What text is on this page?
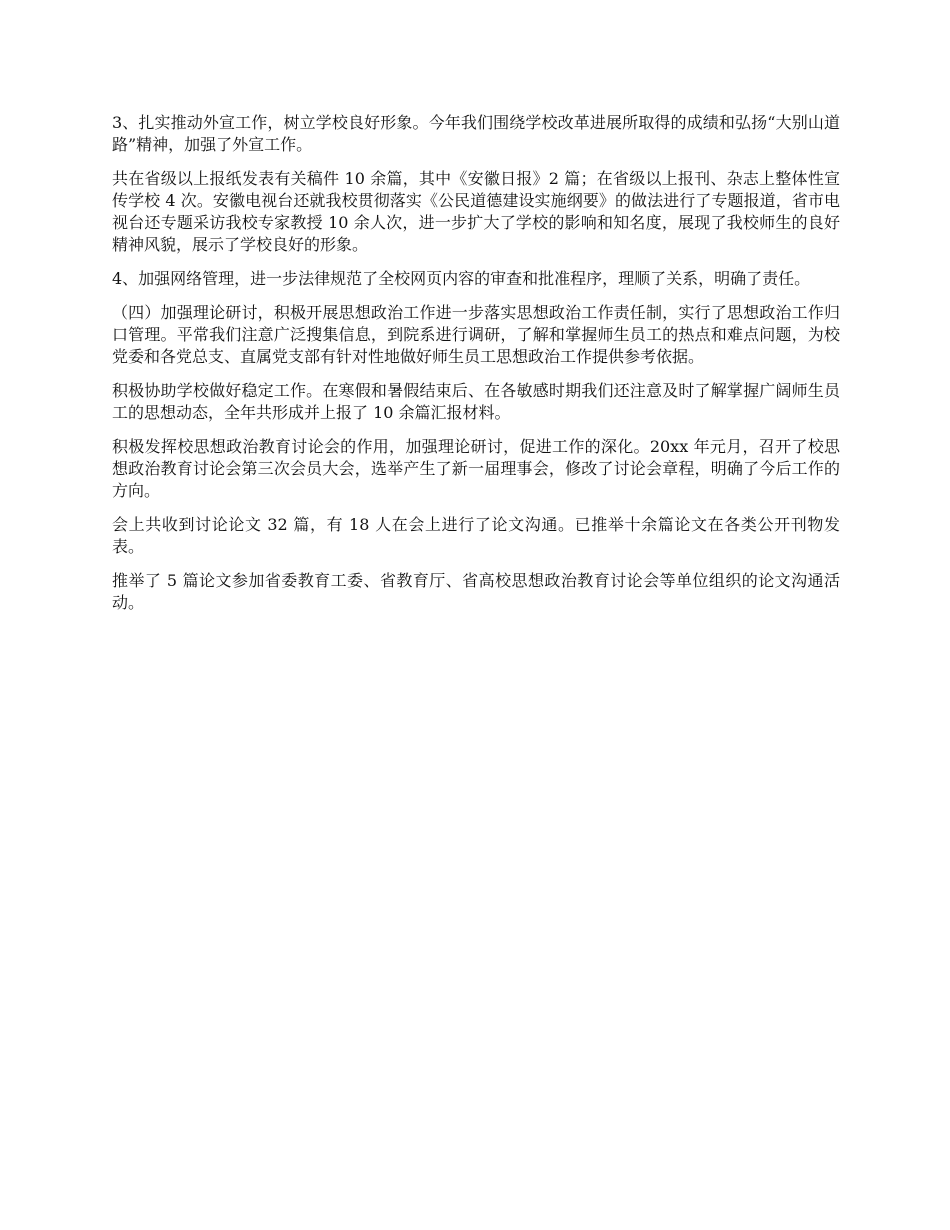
3、扎实推动外宣工作，树立学校良好形象。今年我们围绕学校改革进展所取得的成绩和弘扬“大别山道路”精神，加强了外宣工作。

共在省级以上报纸发表有关稿件 10 余篇，其中《安徽日报》2 篇；在省级以上报刊、杂志上整体性宣传学校 4 次。安徽电视台还就我校贯彻落实《公民道德建设实施纲要》的做法进行了专题报道，省市电视台还专题采访我校专家教授 10 余人次，进一步扩大了学校的影响和知名度，展现了我校师生的良好精神风貌，展示了学校良好的形象。

4、加强网络管理，进一步法律规范了全校网页内容的审查和批准程序，理顺了关系，明确了责任。

（四）加强理论研讨，积极开展思想政治工作进一步落实思想政治工作责任制，实行了思想政治工作归口管理。平常我们注意广泛搜集信息，到院系进行调研，了解和掌握师生员工的热点和难点问题，为校党委和各党总支、直属党支部有针对性地做好师生员工思想政治工作提供参考依据。

积极协助学校做好稳定工作。在寒假和暑假结束后、在各敏感时期我们还注意及时了解掌握广阔师生员工的思想动态，全年共形成并上报了 10 余篇汇报材料。

积极发挥校思想政治教育讨论会的作用，加强理论研讨，促进工作的深化。20xx 年元月，召开了校思想政治教育讨论会第三次会员大会，选举产生了新一届理事会，修改了讨论会章程，明确了今后工作的方向。

会上共收到讨论论文 32 篇，有 18 人在会上进行了论文沟通。已推举十余篇论文在各类公开刊物发表。

推举了 5 篇论文参加省委教育工委、省教育厅、省高校思想政治教育讨论会等单位组织的论文沟通活动。
